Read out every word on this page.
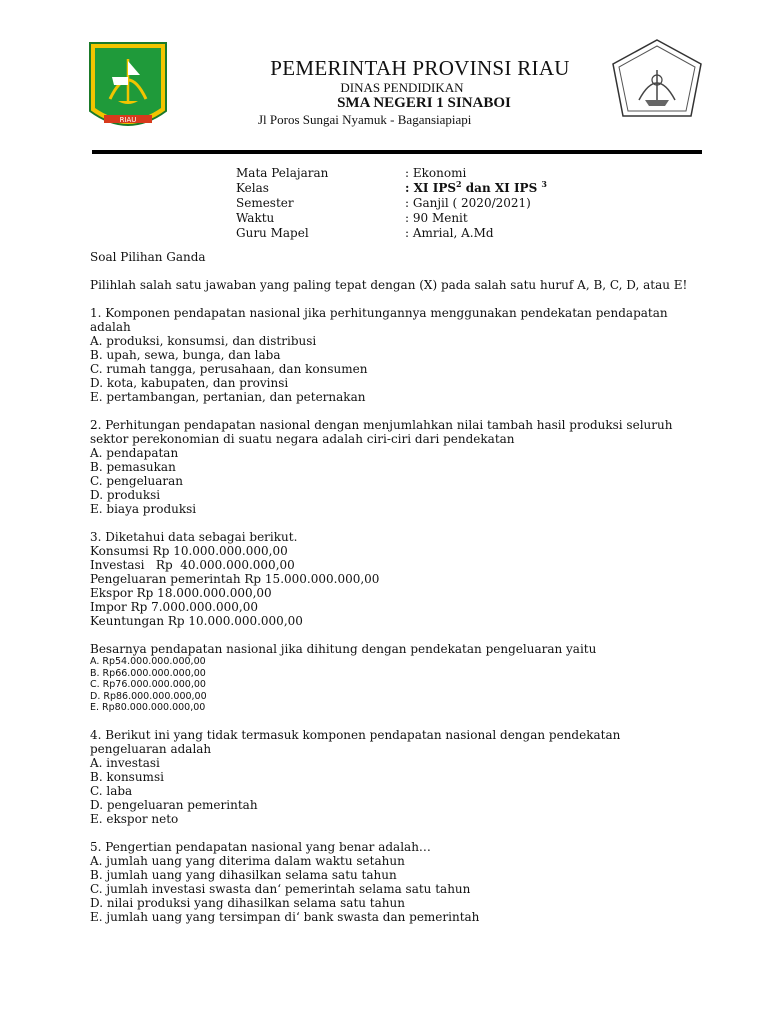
RIAU
PEMERINTAH PROVINSI RIAU
DINAS PENDIDIKAN
SMA NEGERI 1 SINABOI
Jl Poros Sungai Nyamuk - Bagansiapiapi
Mata Pelajaran	: Ekonomi
Kelas	: XI IPS$^2$ dan XI IPS $^3$
Semester	: Ganjil ( 2020/2021)
Waktu	: 90 Menit
Guru Mapel	: Amrial, A.Md

Soal Pilihan Ganda

Pilihlah salah satu jawaban yang paling tepat dengan (X) pada salah satu huruf A, B, C, D, atau E!

1. Komponen pendapatan nasional jika perhitungannya menggunakan pendekatan pendapatan adalah

A. produksi, konsumsi, dan distribusi

B. upah, sewa, bunga, dan laba

C. rumah tangga, perusahaan, dan konsumen

D. kota, kabupaten, dan provinsi

E. pertambangan, pertanian, dan peternakan

2. Perhitungan pendapatan nasional dengan menjumlahkan nilai tambah hasil produksi seluruh sektor perekonomian di suatu negara adalah ciri-ciri dari pendekatan

A. pendapatan

B. pemasukan

C. pengeluaran

D. produksi

E. biaya produksi

3. Diketahui data sebagai berikut.

Konsumsi Rp 10.000.000.000,00

Investasi   Rp  40.000.000.000,00

Pengeluaran pemerintah Rp 15.000.000.000,00

Ekspor Rp 18.000.000.000,00

Impor Rp 7.000.000.000,00

Keuntungan Rp 10.000.000.000,00

Besarnya pendapatan nasional jika dihitung dengan pendekatan pengeluaran yaitu

A. Rp54.000.000.000,00

B. Rp66.000.000.000,00

C. Rp76.000.000.000,00

D. Rp86.000.000.000,00

E. Rp80.000.000.000,00

4. Berikut ini yang tidak termasuk komponen pendapatan nasional dengan pendekatan pengeluaran adalah

A. investasi

B. konsumsi

C. laba

D. pengeluaran pemerintah

E. ekspor neto

5. Pengertian pendapatan nasional yang benar adalah…

A. jumlah uang yang diterima dalam waktu setahun

B. jumlah uang yang dihasilkan selama satu tahun

C. jumlah investasi swasta dan‘ pemerintah selama satu tahun

D. nilai produksi yang dihasilkan selama satu tahun

E. jumlah uang yang tersimpan di‘ bank swasta dan pemerintah
